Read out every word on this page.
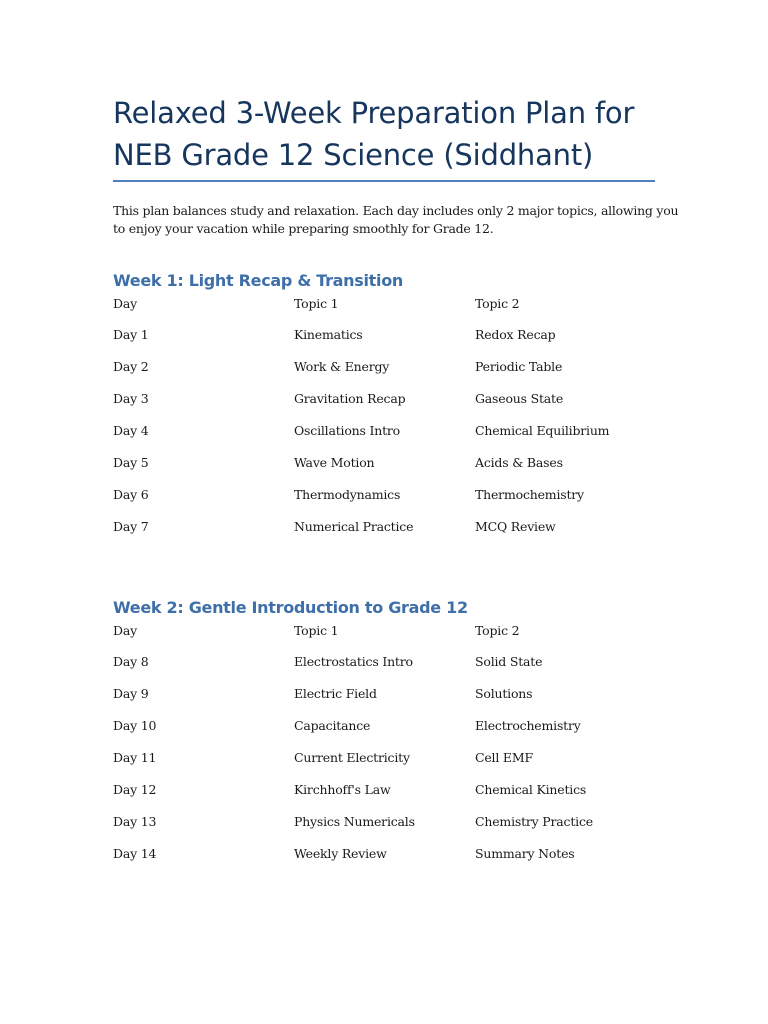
Relaxed 3-Week Preparation Plan for
NEB Grade 12 Science (Siddhant)

This plan balances study and relaxation. Each day includes only 2 major topics, allowing you
to enjoy your vacation while preparing smoothly for Grade 12.

Week 1: Light Recap & Transition
Day	Topic 1	Topic 2
Day 1	Kinematics	Redox Recap
Day 2	Work & Energy	Periodic Table
Day 3	Gravitation Recap	Gaseous State
Day 4	Oscillations Intro	Chemical Equilibrium
Day 5	Wave Motion	Acids & Bases
Day 6	Thermodynamics	Thermochemistry
Day 7	Numerical Practice	MCQ Review
Week 2: Gentle Introduction to Grade 12
Day	Topic 1	Topic 2
Day 8	Electrostatics Intro	Solid State
Day 9	Electric Field	Solutions
Day 10	Capacitance	Electrochemistry
Day 11	Current Electricity	Cell EMF
Day 12	Kirchhoff's Law	Chemical Kinetics
Day 13	Physics Numericals	Chemistry Practice
Day 14	Weekly Review	Summary Notes
